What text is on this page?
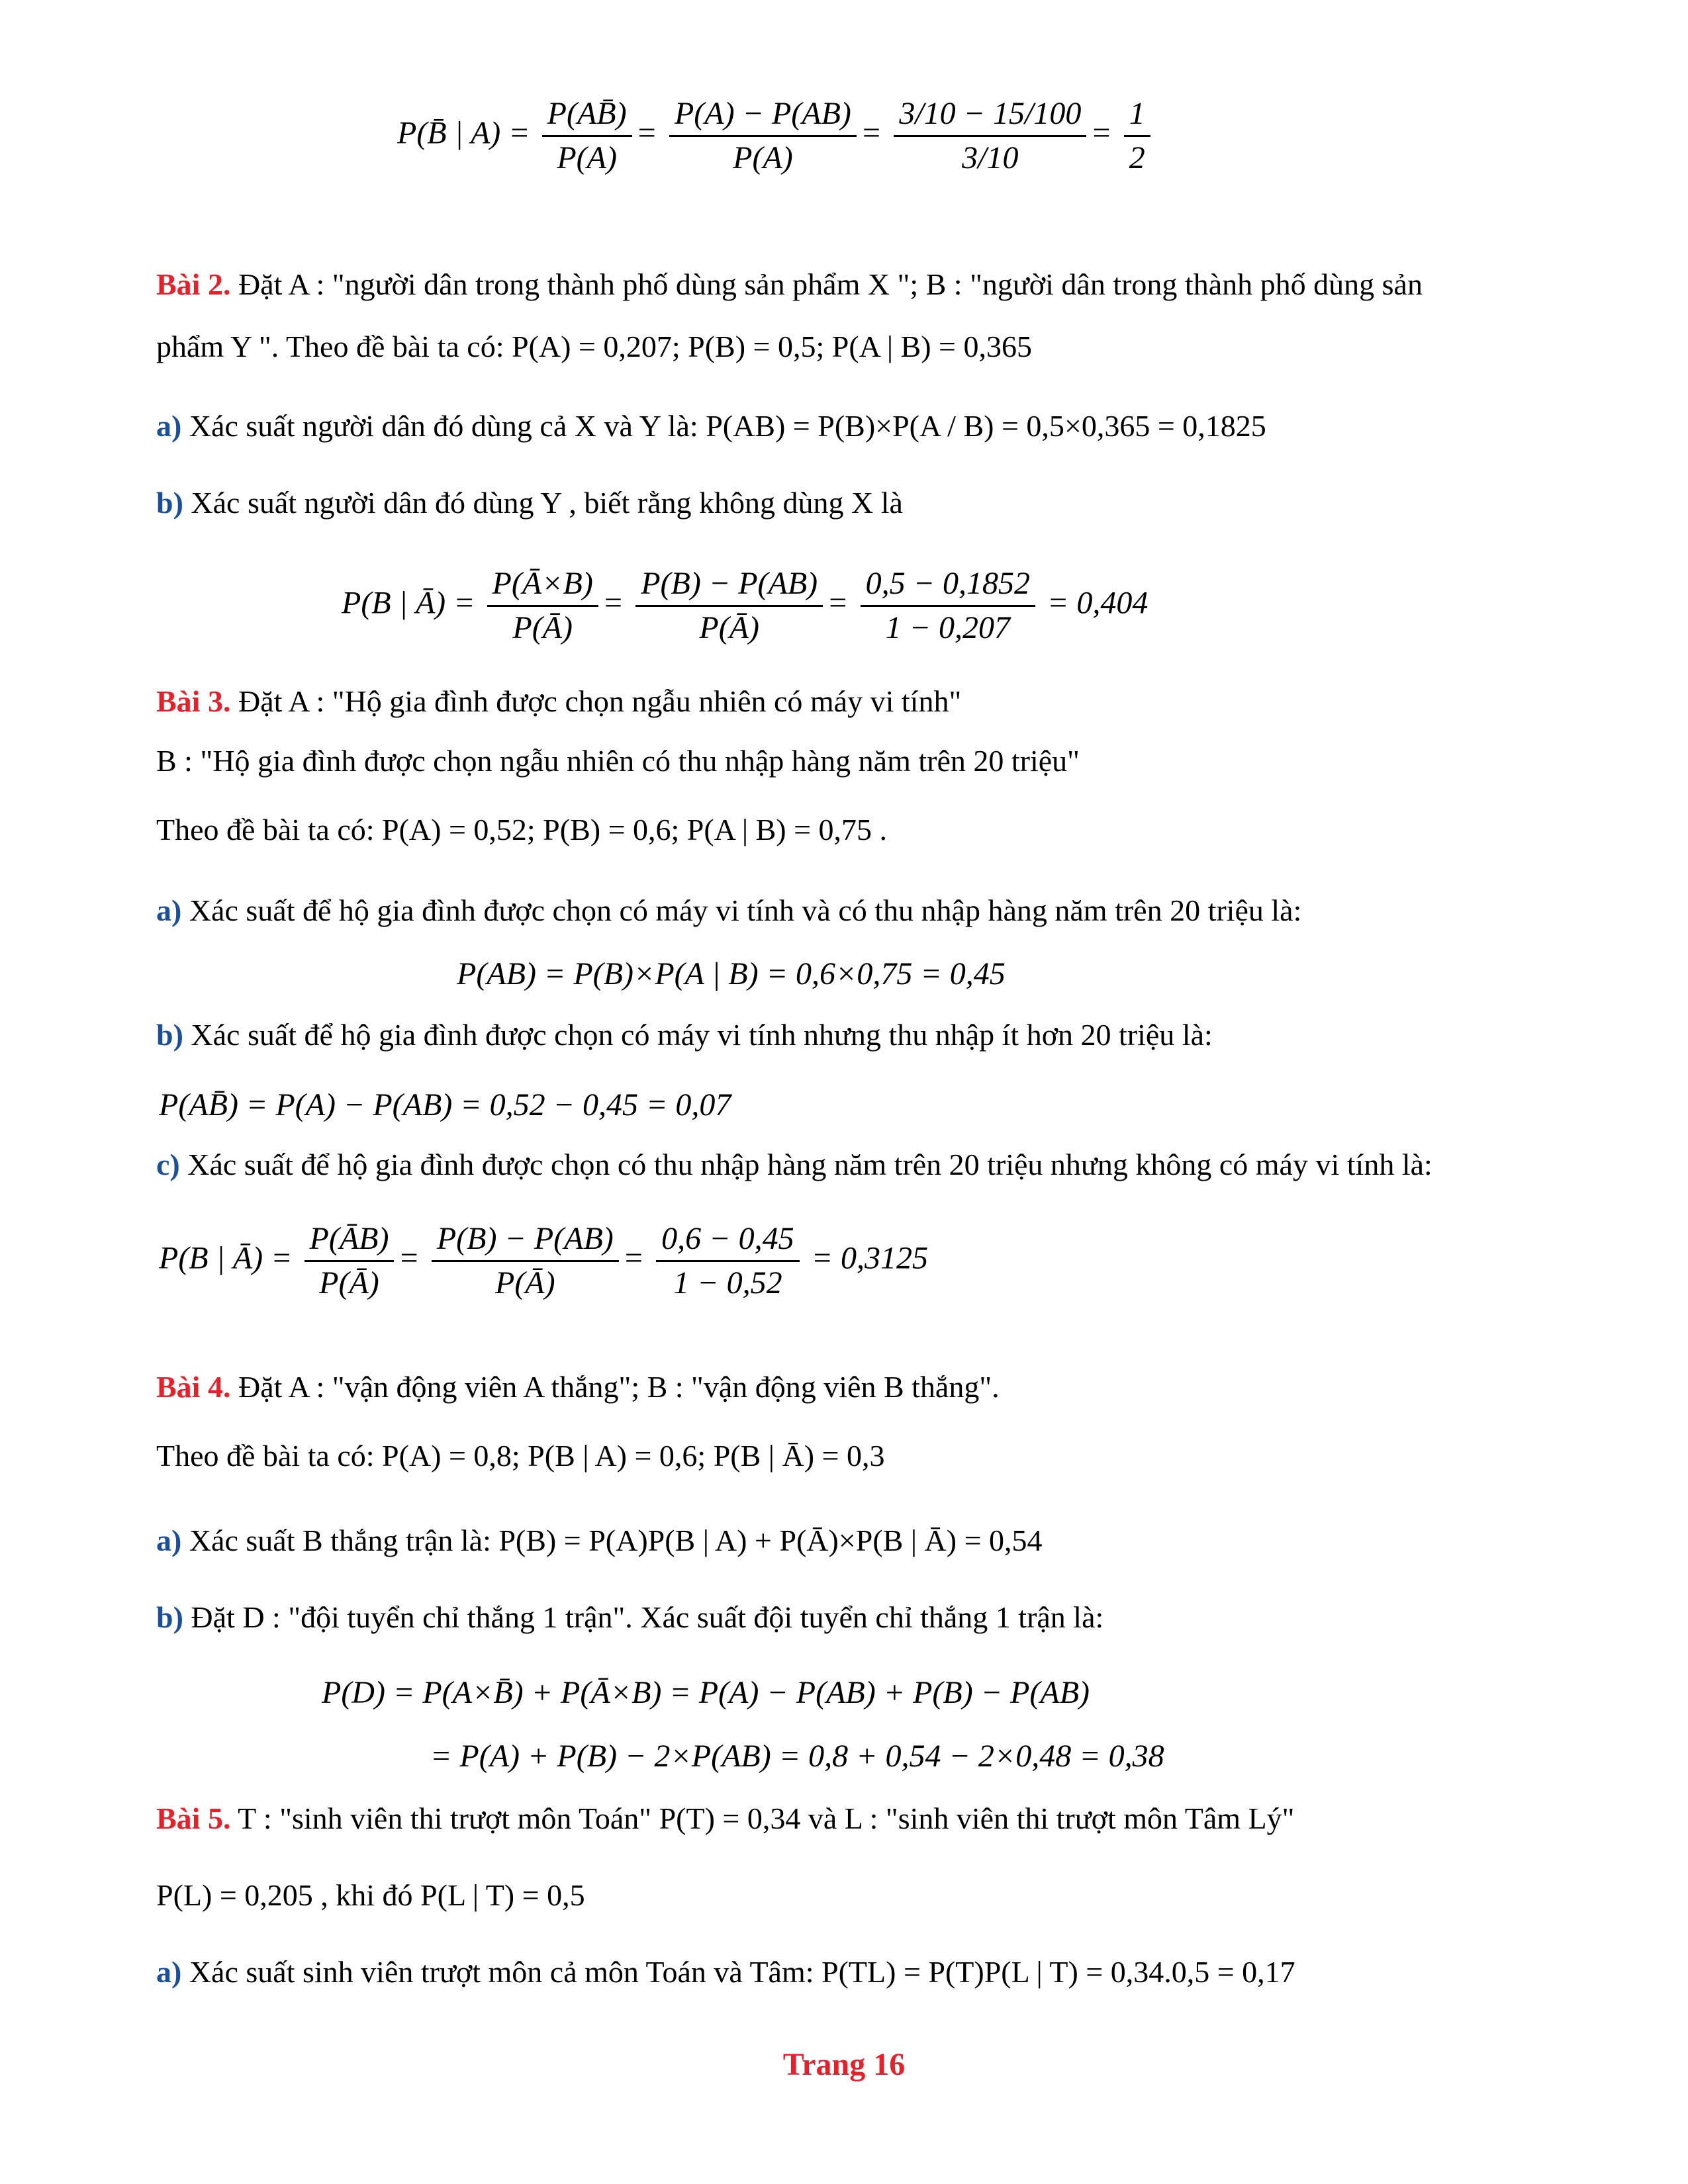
P(B̄ | $A) = \frac{P(AB̄)}{P(A)} = \frac{P(A) - P(AB)}{P(A)} = \frac{3/10 - 15/100}{3/10} = \frac{1}{2}$
Bài 2. Đặt A : "người dân trong thành phố dùng sản phẩm X "; B : "người dân trong thành phố dùng sản
phẩm Y ". Theo đề bài ta có: P(A) = 0,207; P(B) = 0,5; P(A | B) = 0,365
a) Xác suất người dân đó dùng cả X và Y là: P(AB) = P(B)×P(A / B) = 0,5×0,365 = 0,1825
b) Xác suất người dân đó dùng Y , biết rằng không dùng X là
P(B | Ā) = $\frac{P(Ā\times B)}{P(Ā)} = \frac{P(B) - P(AB)}{P(Ā)} = \frac{0,5 - 0,1852}{1 - 0,207} = 0,404$
Bài 3. Đặt A : "Hộ gia đình được chọn ngẫu nhiên có máy vi tính"
B : "Hộ gia đình được chọn ngẫu nhiên có thu nhập hàng năm trên 20 triệu"
Theo đề bài ta có: P(A) = 0,52; P(B) = 0,6; P(A | B) = 0,75 .
a) Xác suất để hộ gia đình được chọn có máy vi tính và có thu nhập hàng năm trên 20 triệu là:
P(AB) = P(B)×P(A | B) = 0,6×0,75 = 0,45
b) Xác suất để hộ gia đình được chọn có máy vi tính nhưng thu nhập ít hơn 20 triệu là:
P(AB̄) = P(A) − P(AB) = 0,52 − 0,45 = 0,07
c) Xác suất để hộ gia đình được chọn có thu nhập hàng năm trên 20 triệu nhưng không có máy vi tính là:
P(B | Ā) = $\frac{P(ĀB)}{P(Ā)} = \frac{P(B) - P(AB)}{P(Ā)} = \frac{0,6 - 0,45}{1 - 0,52} = 0,3125$
Bài 4. Đặt A : "vận động viên A thắng"; B : "vận động viên B thắng".
Theo đề bài ta có: P(A) = 0,8; P(B | A) = 0,6; P(B | Ā) = 0,3
a) Xác suất B thắng trận là: P(B) = P(A)P(B | A) + P(Ā)×P(B | Ā) = 0,54
b) Đặt D : "đội tuyển chỉ thắng 1 trận". Xác suất đội tuyển chỉ thắng 1 trận là:
P(D) = P(A×B̄) + P(Ā×B) = P(A) − P(AB) + P(B) − P(AB)
= P(A) + P(B) − 2×P(AB) = 0,8 + 0,54 − 2×0,48 = 0,38
Bài 5. T : "sinh viên thi trượt môn Toán" P(T) = 0,34 và L : "sinh viên thi trượt môn Tâm Lý"
P(L) = 0,205 , khi đó P(L | T) = 0,5
a) Xác suất sinh viên trượt môn cả môn Toán và Tâm: P(TL) = P(T)P(L | T) = 0,34.0,5 = 0,17
Trang 16
